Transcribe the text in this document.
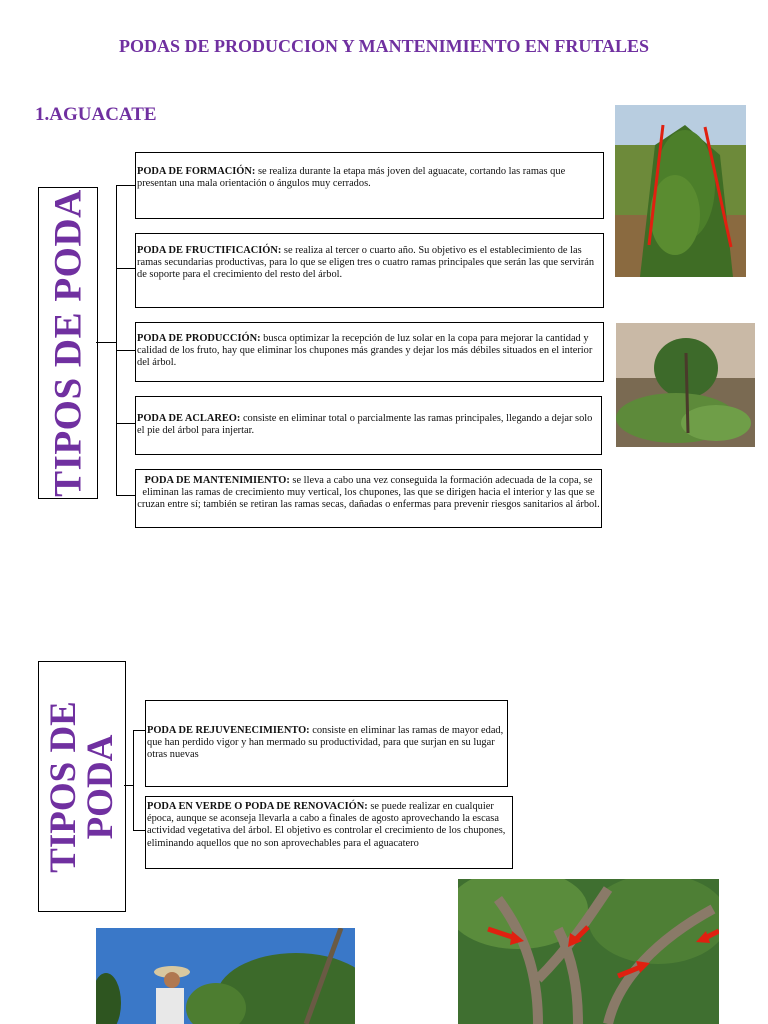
PODAS DE PRODUCCION Y MANTENIMIENTO EN FRUTALES
1.AGUACATE
TIPOS DE PODA
PODA DE FORMACIÓN: se realiza durante la etapa más joven del aguacate, cortando las ramas que presentan una mala orientación o ángulos muy cerrados.
PODA DE FRUCTIFICACIÓN: se realiza al tercer o cuarto año. Su objetivo es el establecimiento de las ramas secundarias productivas, para lo que se eligen tres o cuatro ramas principales que serán las que servirán de soporte para el crecimiento del resto del árbol.
PODA DE PRODUCCIÓN: busca optimizar la recepción de luz solar en la copa para mejorar la cantidad y calidad de los fruto, hay que eliminar los chupones más grandes y dejar los más débiles situados en el interior del árbol.
PODA DE ACLAREO: consiste en eliminar total o parcialmente las ramas principales, llegando a dejar solo el pie del árbol para injertar.
PODA DE MANTENIMIENTO: se lleva a cabo una vez conseguida la formación adecuada de la copa, se eliminan las ramas de crecimiento muy vertical, los chupones, las que se dirigen hacia el interior y las que se cruzan entre sí; también se retiran las ramas secas, dañadas o enfermas para prevenir riesgos sanitarios al árbol.
TIPOS DE
PODA
PODA DE REJUVENECIMIENTO: consiste en eliminar las ramas de mayor edad, que han perdido vigor y han mermado su productividad, para que surjan en su lugar otras nuevas
PODA EN VERDE O PODA DE RENOVACIÓN: se puede realizar en cualquier época, aunque se aconseja llevarla a cabo a finales de agosto aprovechando la escasa actividad vegetativa del árbol. El objetivo es controlar el crecimiento de los chupones, eliminando aquellos que no son aprovechables para el aguacatero
